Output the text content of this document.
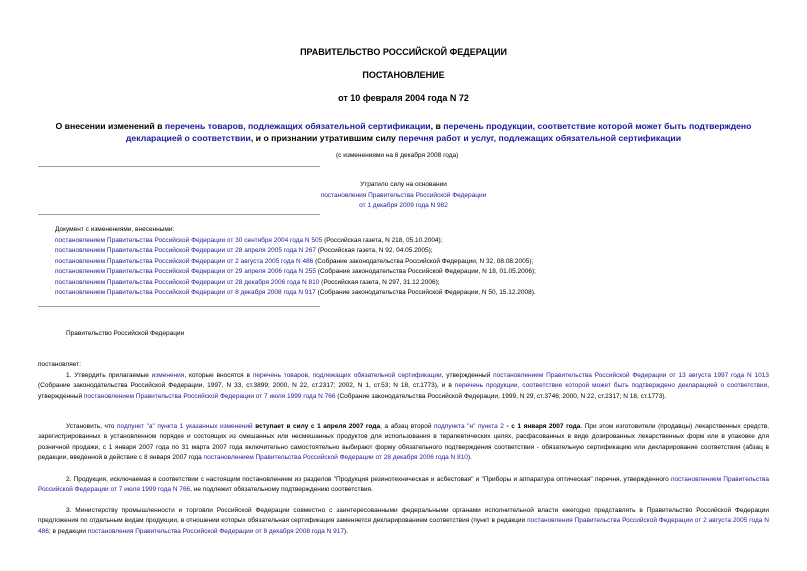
ПРАВИТЕЛЬСТВО РОССИЙСКОЙ ФЕДЕРАЦИИ
ПОСТАНОВЛЕНИЕ
от 10 февраля 2004 года N 72
О внесении изменений в перечень товаров, подлежащих обязательной сертификации, в перечень продукции, соответствие которой может быть подтверждено декларацией о соответствии, и о признании утратившим силу перечня работ и услуг, подлежащих обязательной сертификации
(с изменениями на 8 декабря 2008 года)
Утратило силу на основании
постановления Правительства Российской Федерации
от 1 декабря 2009 года N 982
Документ с изменениями, внесенными:
постановлением Правительства Российской Федерации от 30 сентября 2004 года N 505 (Российская газета, N 218, 05.10.2004);
постановлением Правительства Российской Федерации от 28 апреля 2005 года N 267 (Российская газета, N 92, 04.05.2005);
постановлением Правительства Российской Федерации от 2 августа 2005 года N 486 (Собрание законодательства Российской Федерации, N 32, 08.08.2005);
постановлением Правительства Российской Федерации от 29 апреля 2006 года N 255 (Собрание законодательства Российской Федерации, N 18, 01.05.2006);
постановлением Правительства Российской Федерации от 28 декабря 2006 года N 810 (Российская газета, N 297, 31.12.2006);
постановлением Правительства Российской Федерации от 8 декабря 2008 года N 917 (Собрание законодательства Российской Федерации, N 50, 15.12.2008).
Правительство Российской Федерации
постановляет:
1. Утвердить прилагаемые изменения, которые вносятся в перечень товаров, подлежащих обязательной сертификации, утвержденный постановлением Правительства Российской Федерации от 13 августа 1997 года N 1013 (Собрание законодательства Российской Федерации, 1997, N 33, ст.3899; 2000, N 22, ст.2317; 2002, N 1, ст.53; N 18, ст.1773), и в перечень продукции, соответствие которой может быть подтверждено декларацией о соответствии, утвержденный постановлением Правительства Российской Федерации от 7 июля 1999 года N 766 (Собрание законодательства Российской Федерации, 1999, N 29, ст.3746; 2000, N 22, ст.2317; N 18, ст.1773).
Установить, что подпункт "а" пункта 1 указанных изменений вступает в силу с 1 апреля 2007 года, а абзац второй подпункта "н" пункта 2 - с 1 января 2007 года. При этом изготовители (продавцы) лекарственных средств, зарегистрированных в установленном порядке и состоящих из смешанных или несмешанных продуктов для использования в терапевтических целях, расфасованных в виде дозированных лекарственных форм или в упаковке для розничной продажи, с 1 января 2007 года по 31 марта 2007 года включительно самостоятельно выбирают форму обязательного подтверждения соответствия - обязательную сертификацию или декларирование соответствия (абзац в редакции, введенной в действие с 8 января 2007 года постановлением Правительства Российской Федерации от 28 декабря 2006 года N 810).
2. Продукция, исключаемая в соответствии с настоящим постановлением из разделов "Продукция резинотехническая и асбестовая" и "Приборы и аппаратура оптическая" перечня, утвержденного постановлением Правительства Российской Федерации от 7 июля 1999 года N 766, не подлежит обязательному подтверждению соответствия.
3. Министерству промышленности и торговли Российской Федерации совместно с заинтересованными федеральными органами исполнительной власти ежегодно представлять в Правительство Российской Федерации предложения по отдельным видам продукции, в отношении которых обязательная сертификация заменяется декларированием соответствия (пункт в редакции постановления Правительства Российской Федерации от 2 августа 2005 года N 486; в редакции постановления Правительства Российской Федерации от 8 декабря 2008 года N 917).
